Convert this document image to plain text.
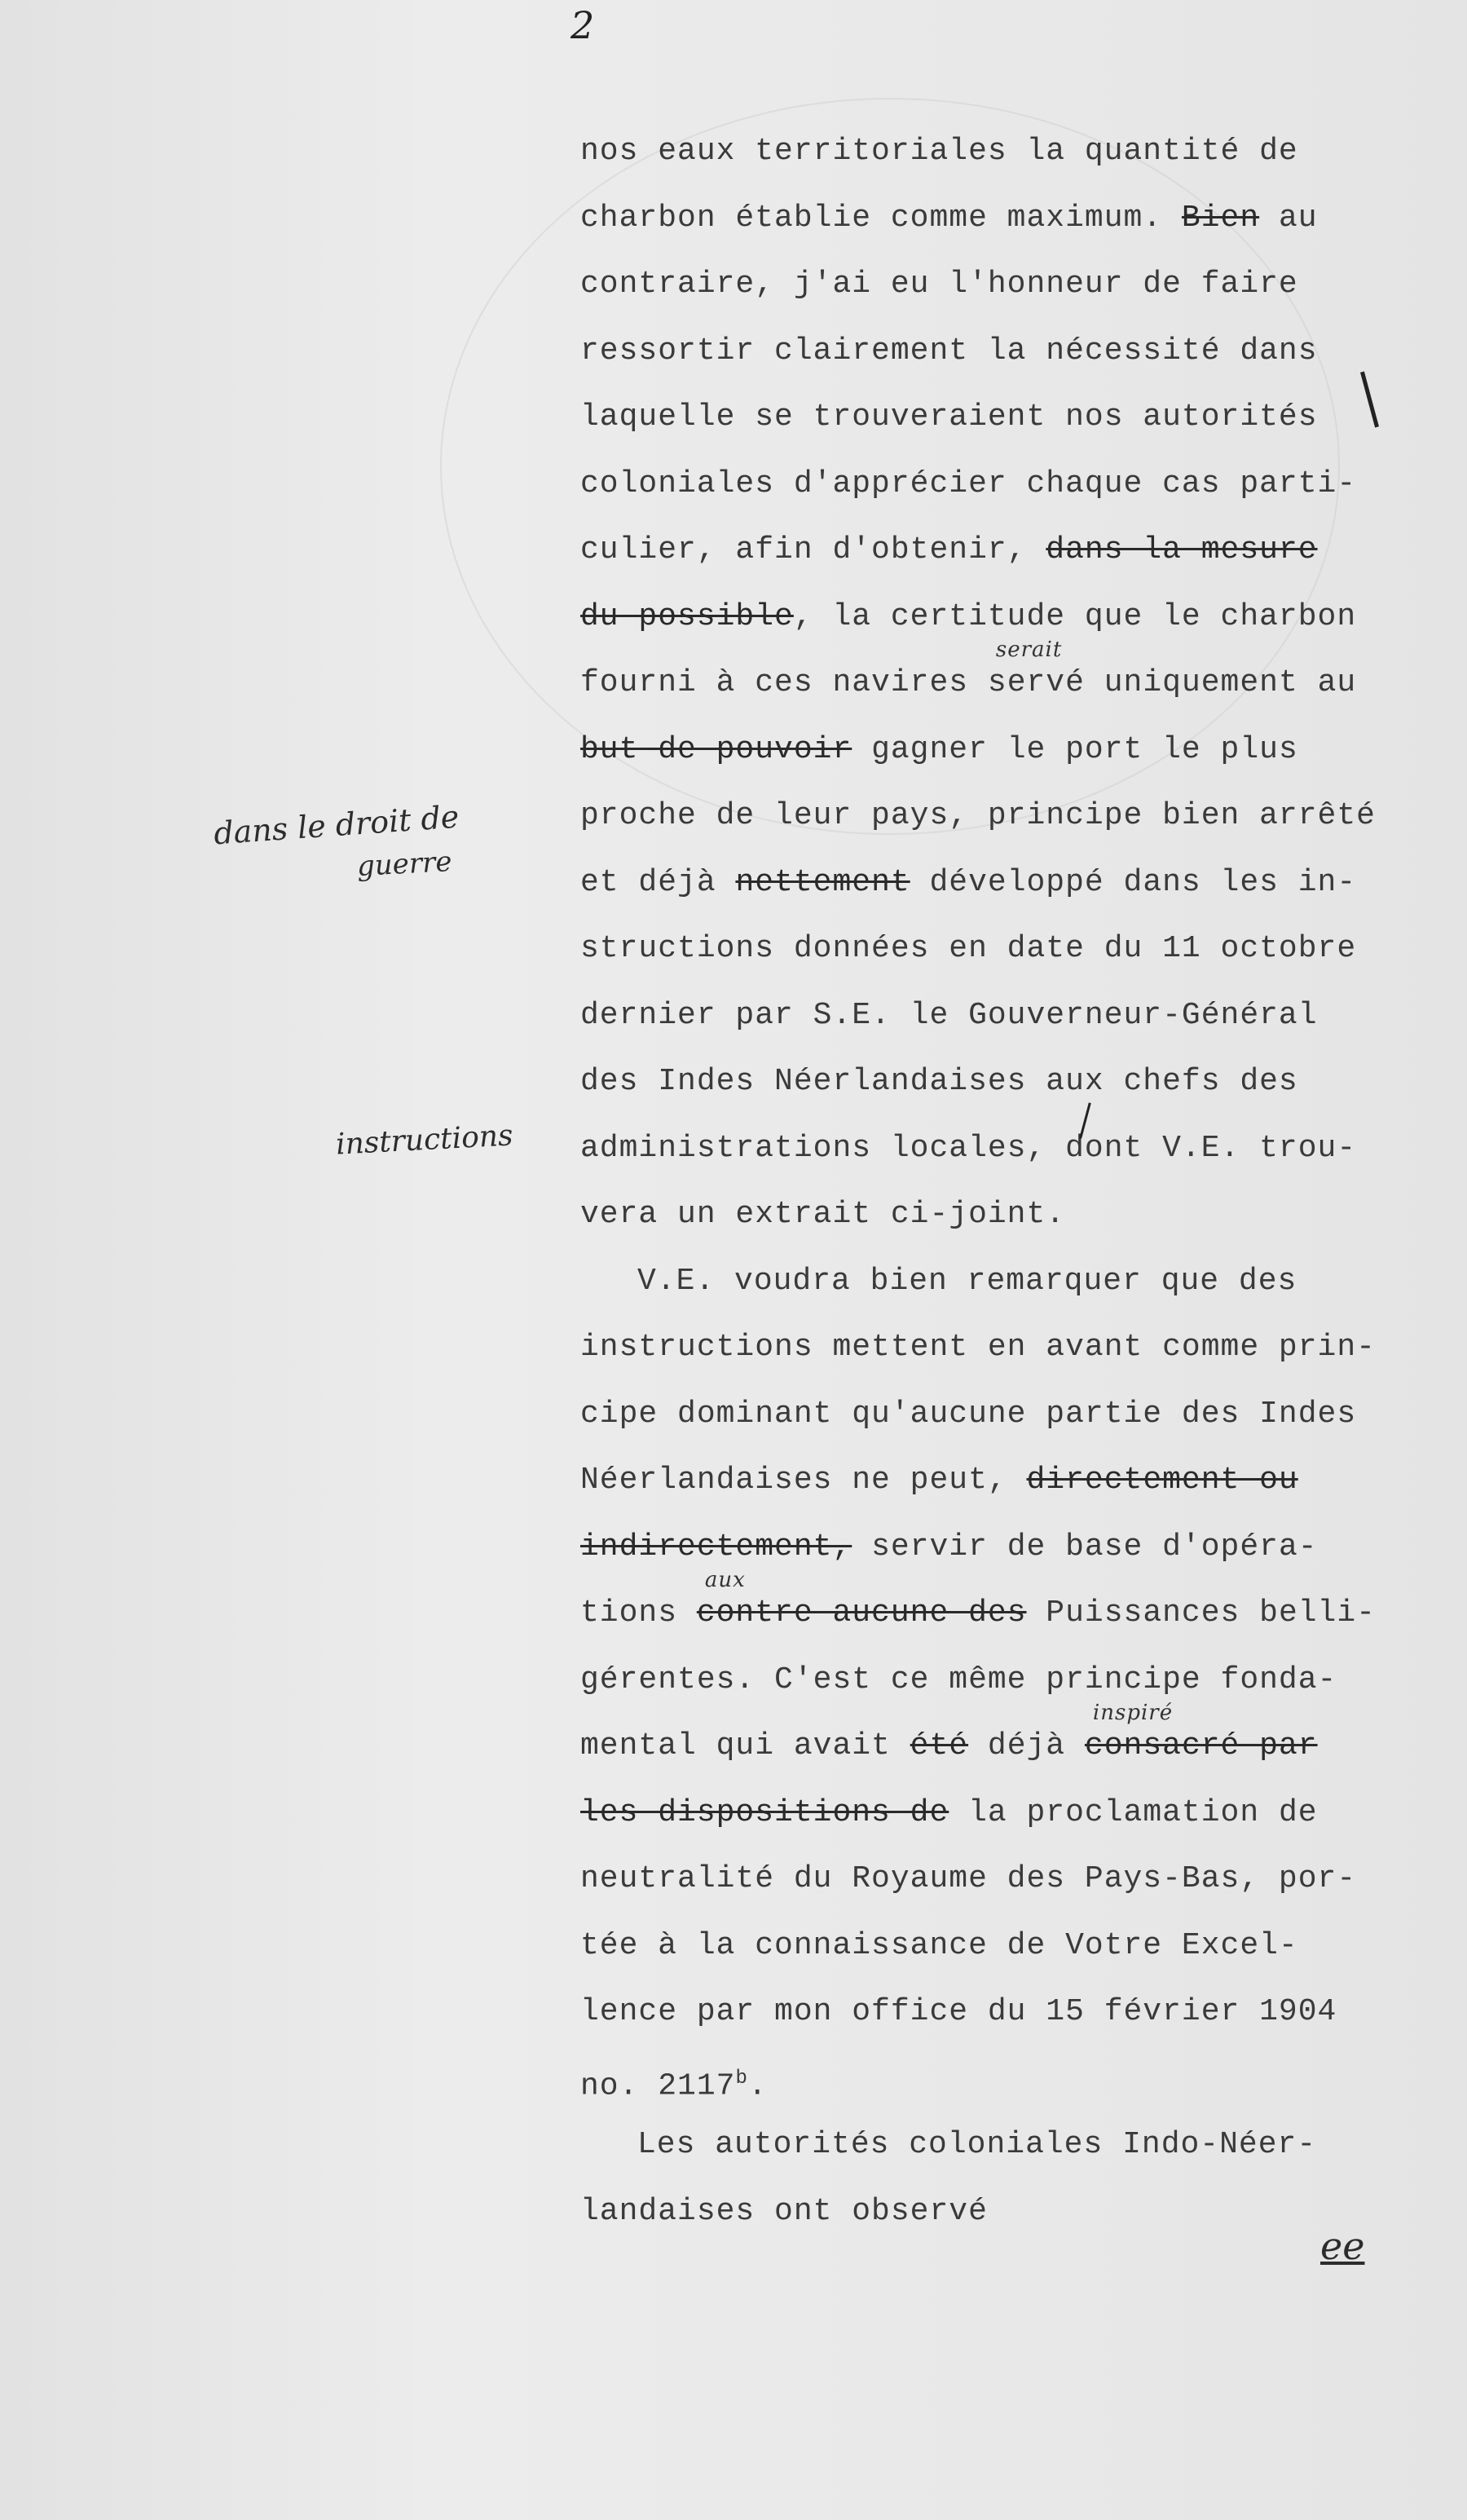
2
nos eaux territoriales la quantité de
charbon établie comme maximum. Bien au
contraire, j'ai eu l'honneur de faire
ressortir clairement la nécessité dans
laquelle se trouveraient nos autorités
coloniales d'apprécier chaque cas parti-
culier, afin d'obtenir, dans la mesure
du possible, la certitude que le charbon
fourni à ces navires servé
serait
uniquement au
but de pouvoir gagner le port le plus
proche de leur pays, principe bien arrêté
et déjà nettement développé dans les in-
structions données en date du 11 octobre
dernier par S.E. le Gouverneur-Général
des Indes Néerlandaises aux chefs des
administrations locales, dont V.E. trou-
vera un extrait ci-joint.
V.E. voudra bien remarquer que des
instructions mettent en avant comme prin-
cipe dominant qu'aucune partie des Indes
Néerlandaises ne peut, directement ou
indirectement, servir de base d'opéra-
tions contre aucune des
aux
Puissances belli-
gérentes. C'est ce même principe fonda-
mental qui avait été déjà consacré par
inspiré
les dispositions de la proclamation de
neutralité du Royaume des Pays-Bas, por-
tée à la connaissance de Votre Excel-
lence par mon office du 15 février 1904
no. 2117$^b$.
Les autorités coloniales Indo-Néer-
landaises ont observé
dans le droit de
guerre
instructions
ee
